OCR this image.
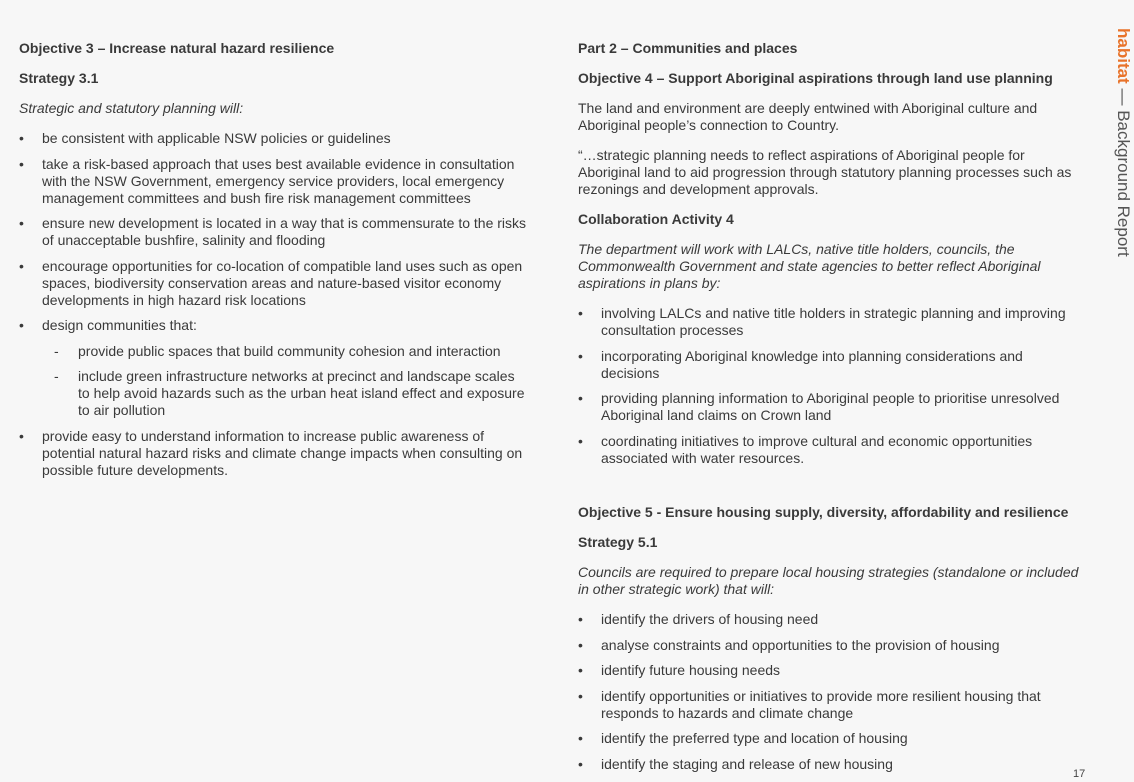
Objective 3 – Increase natural hazard resilience
Strategy 3.1
Strategic and statutory planning will:
• be consistent with applicable NSW policies or guidelines
• take a risk-based approach that uses best available evidence in consultation with the NSW Government, emergency service providers, local emergency management committees and bush fire risk management committees
• ensure new development is located in a way that is commensurate to the risks of unacceptable bushfire, salinity and flooding
• encourage opportunities for co-location of compatible land uses such as open spaces, biodiversity conservation areas and nature-based visitor economy developments in high hazard risk locations
• design communities that:
- provide public spaces that build community cohesion and interaction
- include green infrastructure networks at precinct and landscape scales to help avoid hazards such as the urban heat island effect and exposure to air pollution
• provide easy to understand information to increase public awareness of potential natural hazard risks and climate change impacts when consulting on possible future developments.
Part 2 – Communities and places
Objective 4 – Support Aboriginal aspirations through land use planning
The land and environment are deeply entwined with Aboriginal culture and Aboriginal people’s connection to Country.
“…strategic planning needs to reflect aspirations of Aboriginal people for Aboriginal land to aid progression through statutory planning processes such as rezonings and development approvals.
Collaboration Activity 4
The department will work with LALCs, native title holders, councils, the Commonwealth Government and state agencies to better reflect Aboriginal aspirations in plans by:
• involving LALCs and native title holders in strategic planning and improving consultation processes
• incorporating Aboriginal knowledge into planning considerations and decisions
• providing planning information to Aboriginal people to prioritise unresolved Aboriginal land claims on Crown land
• coordinating initiatives to improve cultural and economic opportunities associated with water resources.
Objective 5 - Ensure housing supply, diversity, affordability and resilience
Strategy 5.1
Councils are required to prepare local housing strategies (standalone or included in other strategic work) that will:
• identify the drivers of housing need
• analyse constraints and opportunities to the provision of housing
• identify future housing needs
• identify opportunities or initiatives to provide more resilient housing that responds to hazards and climate change
• identify the preferred type and location of housing
• identify the staging and release of new housing
habitat — Background Report
17
